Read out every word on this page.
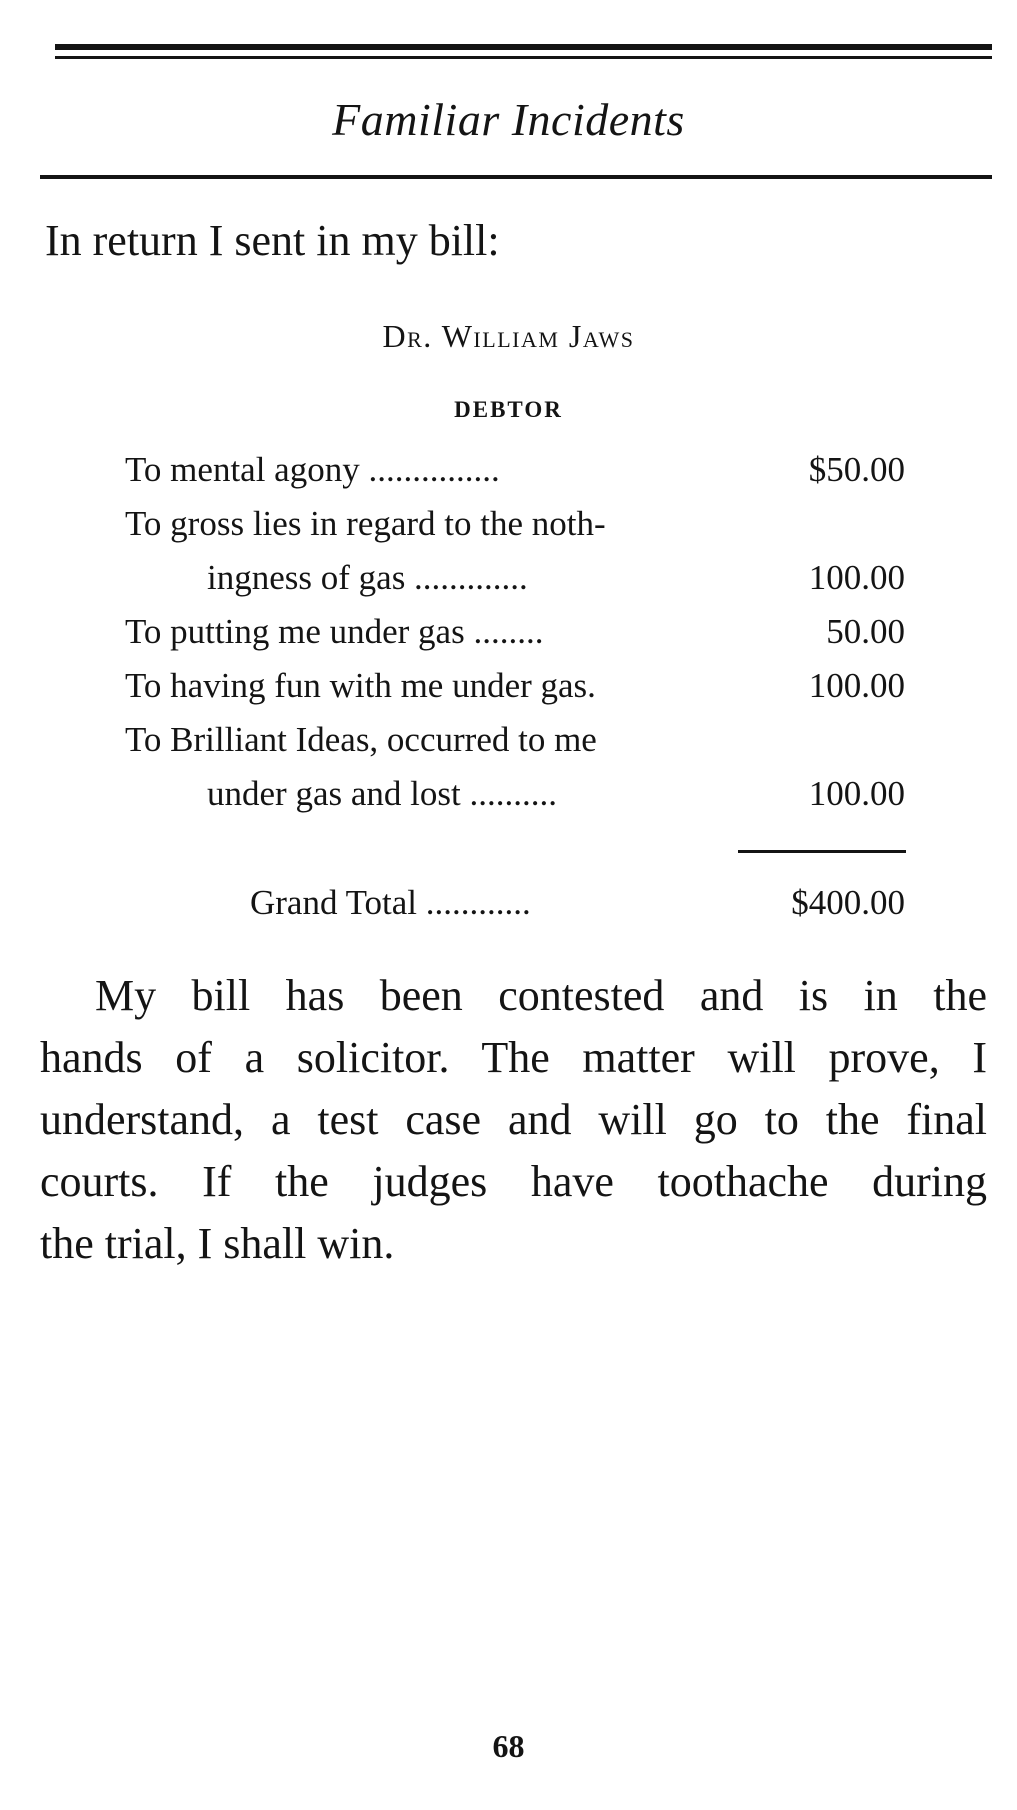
Familiar Incidents
In return I sent in my bill:
Dr. William Jaws
DEBTOR
To mental agony ...............	$50.00
To gross lies in regard to the noth-
ingness of gas .............	100.00
To putting me under gas ........	50.00
To having fun with me under gas.	100.00
To Brilliant Ideas, occurred to me
under gas and lost ..........	100.00
Grand Total ............	$400.00
My bill has been contested and is in the
hands of a solicitor. The matter will prove, I
understand, a test case and will go to the final
courts. If the judges have toothache during
the trial, I shall win.
68
